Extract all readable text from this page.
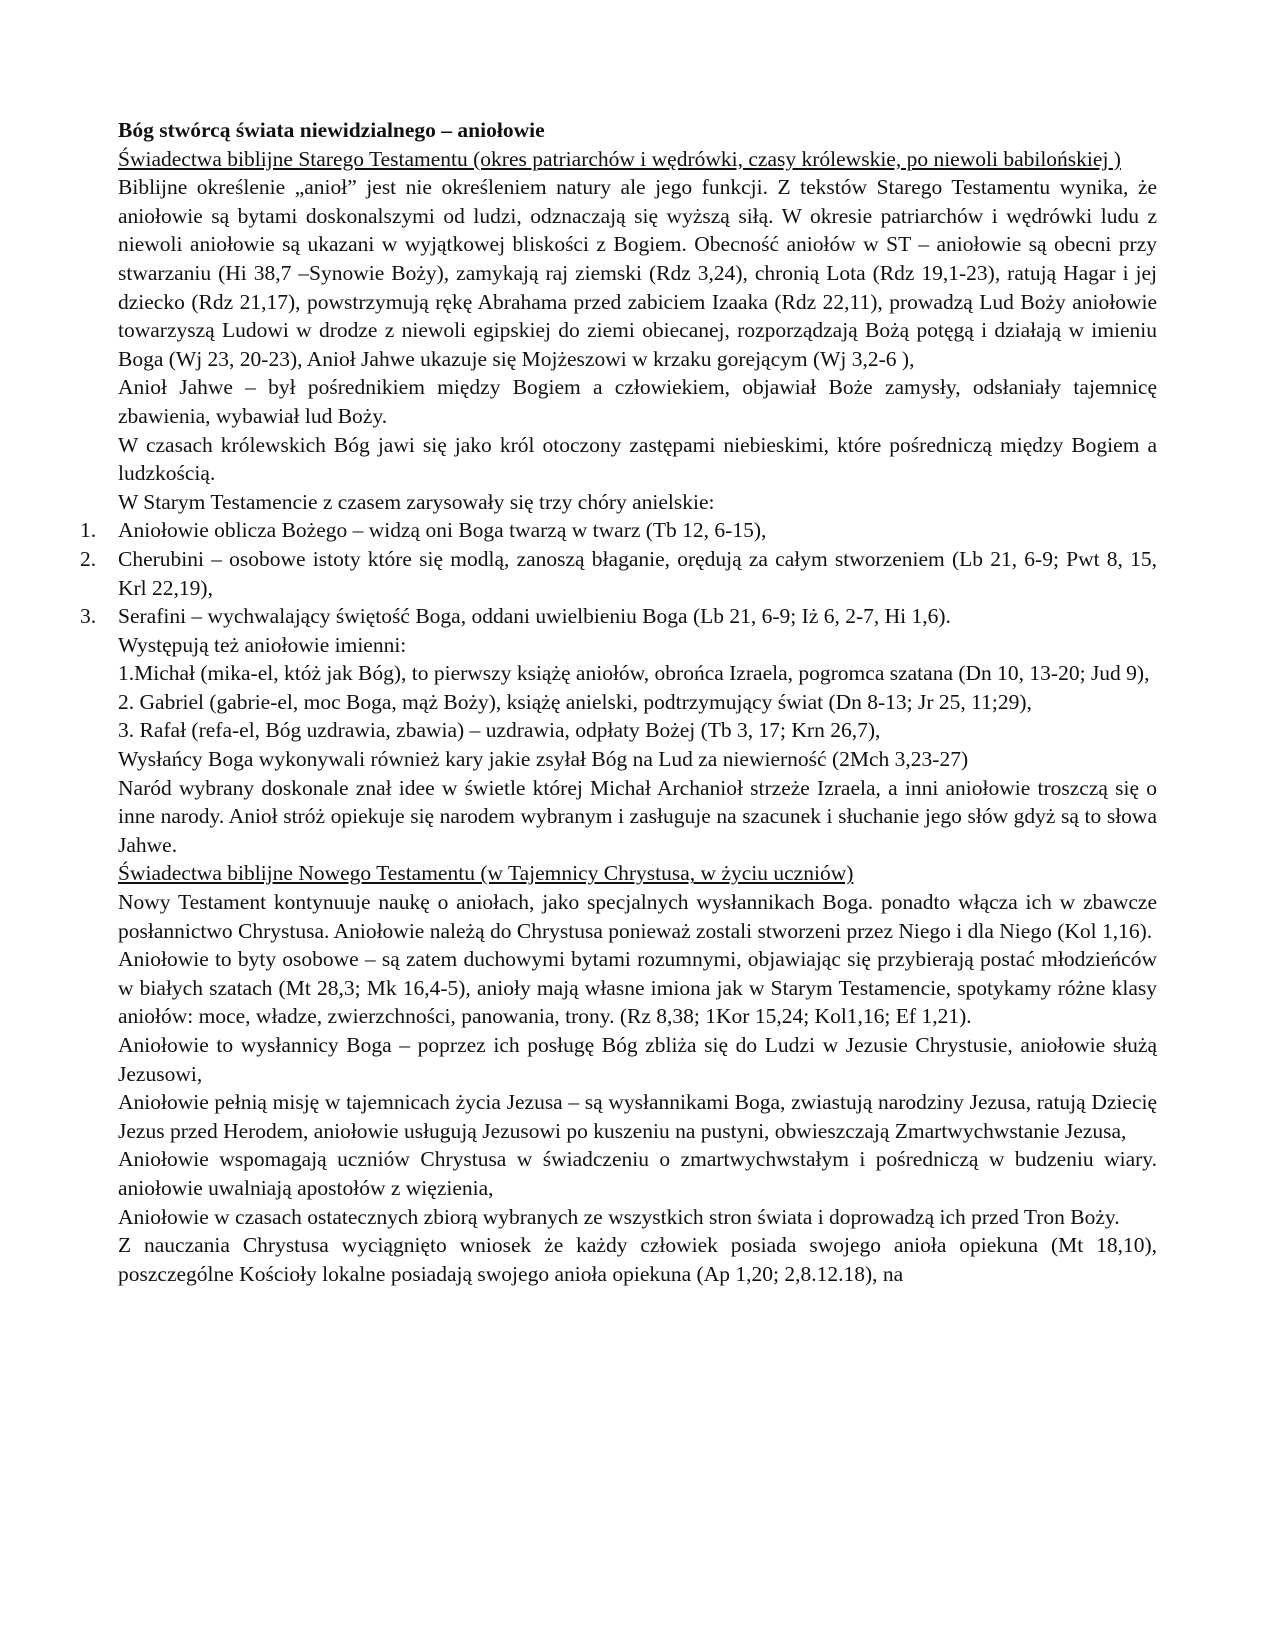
Bóg stwórcą świata niewidzialnego – aniołowie

Świadectwa biblijne Starego Testamentu (okres patriarchów i wędrówki, czasy królewskie, po niewoli babilońskiej )

Biblijne określenie „anioł” jest nie określeniem natury ale jego funkcji. Z tekstów Starego Testamentu wynika, że aniołowie są bytami doskonalszymi od ludzi, odznaczają się wyższą siłą. W okresie patriarchów i wędrówki ludu z niewoli aniołowie są ukazani w wyjątkowej bliskości z Bogiem. Obecność aniołów w ST – aniołowie są obecni przy stwarzaniu (Hi 38,7 –Synowie Boży), zamykają raj ziemski (Rdz 3,24), chronią Lota (Rdz 19,1-23), ratują Hagar i jej dziecko (Rdz 21,17), powstrzymują rękę Abrahama przed zabiciem Izaaka (Rdz 22,11), prowadzą Lud Boży aniołowie towarzyszą Ludowi w drodze z niewoli egipskiej do ziemi obiecanej, rozporządzają Bożą potęgą i działają w imieniu Boga (Wj 23, 20-23), Anioł Jahwe ukazuje się Mojżeszowi w krzaku gorejącym (Wj 3,2-6 ),

Anioł Jahwe – był pośrednikiem między Bogiem a człowiekiem, objawiał Boże zamysły, odsłaniały tajemnicę zbawienia, wybawiał lud Boży.

W czasach królewskich Bóg jawi się jako król otoczony zastępami niebieskimi, które pośredniczą między Bogiem a ludzkością.

W Starym Testamencie z czasem zarysowały się trzy chóry anielskie:

1. Aniołowie oblicza Bożego – widzą oni Boga twarzą w twarz (Tb 12, 6-15),
2. Cherubini – osobowe istoty które się modlą, zanoszą błaganie, orędują za całym stworzeniem (Lb 21, 6-9; Pwt 8, 15, Krl 22,19),
3. Serafini – wychwalający świętość Boga, oddani uwielbieniu Boga (Lb 21, 6-9; Iż 6, 2-7, Hi 1,6).

Występują też aniołowie imienni:

1.Michał (mika-el, któż jak Bóg), to pierwszy książę aniołów, obrońca Izraela, pogromca szatana (Dn 10, 13-20; Jud 9),

2. Gabriel (gabrie-el, moc Boga, mąż Boży), książę anielski, podtrzymujący świat (Dn 8-13; Jr 25, 11;29),

3. Rafał (refa-el, Bóg uzdrawia, zbawia) – uzdrawia, odpłaty Bożej (Tb 3, 17; Krn 26,7),

Wysłańcy Boga wykonywali również kary jakie zsyłał Bóg na Lud za niewierność (2Mch 3,23-27)

Naród wybrany doskonale znał idee w świetle której Michał Archanioł strzeże Izraela, a inni aniołowie troszczą się o inne narody. Anioł stróż opiekuje się narodem wybranym i zasługuje na szacunek i słuchanie jego słów gdyż są to słowa Jahwe.

Świadectwa biblijne Nowego Testamentu (w Tajemnicy Chrystusa, w życiu uczniów)

Nowy Testament kontynuuje naukę o aniołach, jako specjalnych wysłannikach Boga. ponadto włącza ich w zbawcze posłannictwo Chrystusa. Aniołowie należą do Chrystusa ponieważ zostali stworzeni przez Niego i dla Niego (Kol 1,16).

Aniołowie to byty osobowe – są zatem duchowymi bytami rozumnymi, objawiając się przybierają postać młodzieńców w białych szatach (Mt 28,3; Mk 16,4-5), anioły mają własne imiona jak w Starym Testamencie, spotykamy różne klasy aniołów: moce, władze, zwierzchności, panowania, trony. (Rz 8,38; 1Kor 15,24; Kol1,16; Ef 1,21).

Aniołowie to wysłannicy Boga – poprzez ich posługę Bóg zbliża się do Ludzi w Jezusie Chrystusie, aniołowie służą Jezusowi,

Aniołowie pełnią misję w tajemnicach życia Jezusa – są wysłannikami Boga, zwiastują narodziny Jezusa, ratują Dziecię Jezus przed Herodem, aniołowie usługują Jezusowi po kuszeniu na pustyni, obwieszczają Zmartwychwstanie Jezusa,

Aniołowie wspomagają uczniów Chrystusa w świadczeniu o zmartwychwstałym i pośredniczą w budzeniu wiary. aniołowie uwalniają apostołów z więzienia,

Aniołowie w czasach ostatecznych zbiorą wybranych ze wszystkich stron świata i doprowadzą ich przed Tron Boży.

Z nauczania Chrystusa wyciągnięto wniosek że każdy człowiek posiada swojego anioła opiekuna (Mt 18,10), poszczególne Kościoły lokalne posiadają swojego anioła opiekuna (Ap 1,20; 2,8.12.18), na
